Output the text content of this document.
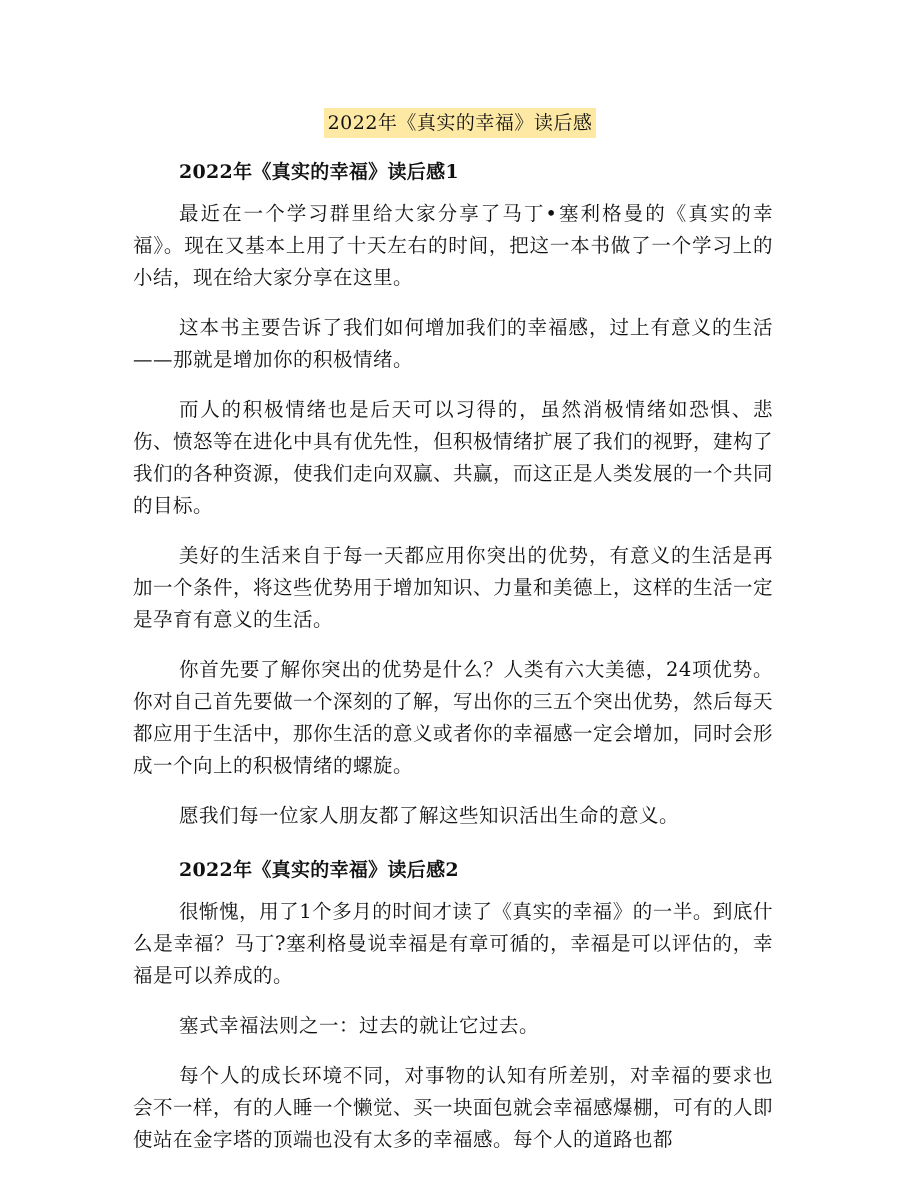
2022年《真实的幸福》读后感
2022年《真实的幸福》读后感1

最近在一个学习群里给大家分享了马丁•塞利格曼的《真实的幸福》。现在又基本上用了十天左右的时间，把这一本书做了一个学习上的小结，现在给大家分享在这里。

这本书主要告诉了我们如何增加我们的幸福感，过上有意义的生活——那就是增加你的积极情绪。

而人的积极情绪也是后天可以习得的，虽然消极情绪如恐惧、悲伤、愤怒等在进化中具有优先性，但积极情绪扩展了我们的视野，建构了我们的各种资源，使我们走向双赢、共赢，而这正是人类发展的一个共同的目标。

美好的生活来自于每一天都应用你突出的优势，有意义的生活是再加一个条件，将这些优势用于增加知识、力量和美德上，这样的生活一定是孕育有意义的生活。

你首先要了解你突出的优势是什么？人类有六大美德，24项优势。你对自己首先要做一个深刻的了解，写出你的三五个突出优势，然后每天都应用于生活中，那你生活的意义或者你的幸福感一定会增加，同时会形成一个向上的积极情绪的螺旋。

愿我们每一位家人朋友都了解这些知识活出生命的意义。

2022年《真实的幸福》读后感2

很惭愧，用了1个多月的时间才读了《真实的幸福》的一半。到底什么是幸福？马丁?塞利格曼说幸福是有章可循的，幸福是可以评估的，幸福是可以养成的。

塞式幸福法则之一：过去的就让它过去。

每个人的成长环境不同，对事物的认知有所差别，对幸福的要求也会不一样，有的人睡一个懒觉、买一块面包就会幸福感爆棚，可有的人即使站在金字塔的顶端也没有太多的幸福感。每个人的道路也都
